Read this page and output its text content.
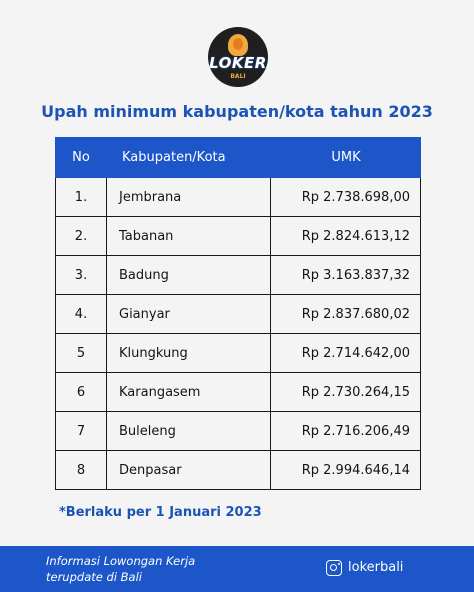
LOKER
BALI
Upah minimum kabupaten/kota tahun 2023
No	Kabupaten/Kota	UMK
1.	Jembrana	Rp 2.738.698,00
2.	Tabanan	Rp 2.824.613,12
3.	Badung	Rp 3.163.837,32
4.	Gianyar	Rp 2.837.680,02
5	Klungkung	Rp 2.714.642,00
6	Karangasem	Rp 2.730.264,15
7	Buleleng	Rp 2.716.206,49
8	Denpasar	Rp 2.994.646,14
*Berlaku per 1 Januari 2023
Informasi Lowongan Kerja
terupdate di Bali
lokerbali
